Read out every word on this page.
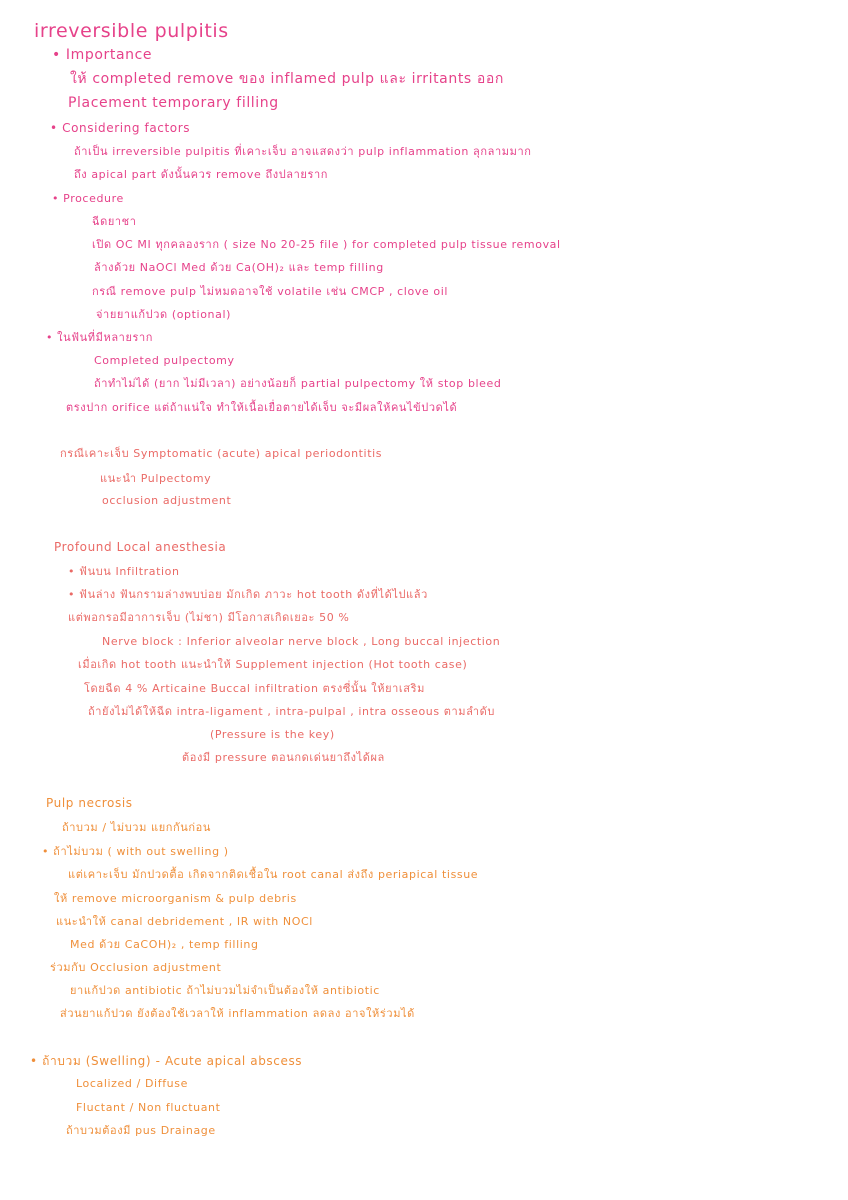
irreversible pulpitis
• Importance
ให้ completed remove ของ inflamed pulp และ irritants ออก
Placement temporary filling
• Considering factors
ถ้าเป็น irreversible pulpitis ที่เคาะเจ็บ อาจแสดงว่า pulp inflammation ลุกลามมาก
ถึง apical part ดังนั้นควร remove ถึงปลายราก
• Procedure
ฉีดยาชา
เปิด OC MI ทุกคลองราก ( size No 20-25 file ) for completed pulp tissue removal
ล้างด้วย NaOCl Med ด้วย Ca(OH)₂ และ temp filling
กรณี remove pulp ไม่หมดอาจใช้ volatile เช่น CMCP , clove oil
จ่ายยาแก้ปวด (optional)
• ในฟันที่มีหลายราก
Completed pulpectomy
ถ้าทำไม่ได้ (ยาก ไม่มีเวลา) อย่างน้อยก็ partial pulpectomy ให้ stop bleed
ตรงปาก orifice แต่ถ้าแน่ใจ ทำให้เนื้อเยื่อตายได้เจ็บ จะมีผลให้คนไข้ปวดได้
กรณีเคาะเจ็บ Symptomatic (acute) apical periodontitis
แนะนำ Pulpectomy
occlusion adjustment
Profound Local anesthesia
• ฟันบน Infiltration
• ฟันล่าง ฟันกรามล่างพบบ่อย มักเกิด ภาวะ hot tooth ดังที่ได้ไปแล้ว
แต่พอกรอมีอาการเจ็บ (ไม่ชา) มีโอกาสเกิดเยอะ 50 %
Nerve block : Inferior alveolar nerve block , Long buccal injection
เมื่อเกิด hot tooth แนะนำให้ Supplement injection (Hot tooth case)
โดยฉีด 4 % Articaine Buccal infiltration ตรงซี่นั้น ให้ยาเสริม
ถ้ายังไม่ได้ให้ฉีด intra-ligament , intra-pulpal , intra osseous ตามลำดับ
(Pressure is the key)
ต้องมี pressure ตอนกดเด่นยาถึงได้ผล
Pulp necrosis
ถ้าบวม / ไม่บวม แยกกันก่อน
• ถ้าไม่บวม ( with out swelling )
แต่เคาะเจ็บ มักปวดตื้อ เกิดจากติดเชื้อใน root canal ส่งถึง periapical tissue
ให้ remove microorganism & pulp debris
แนะนำให้ canal debridement , IR with NOCl
Med ด้วย CaCOH)₂ , temp filling
ร่วมกับ Occlusion adjustment
ยาแก้ปวด antibiotic ถ้าไม่บวมไม่จำเป็นต้องให้ antibiotic
ส่วนยาแก้ปวด ยังต้องใช้เวลาให้ inflammation ลดลง อาจให้ร่วมได้
• ถ้าบวม (Swelling) - Acute apical abscess
Localized / Diffuse
Fluctant / Non fluctuant
ถ้าบวมต้องมี pus Drainage
